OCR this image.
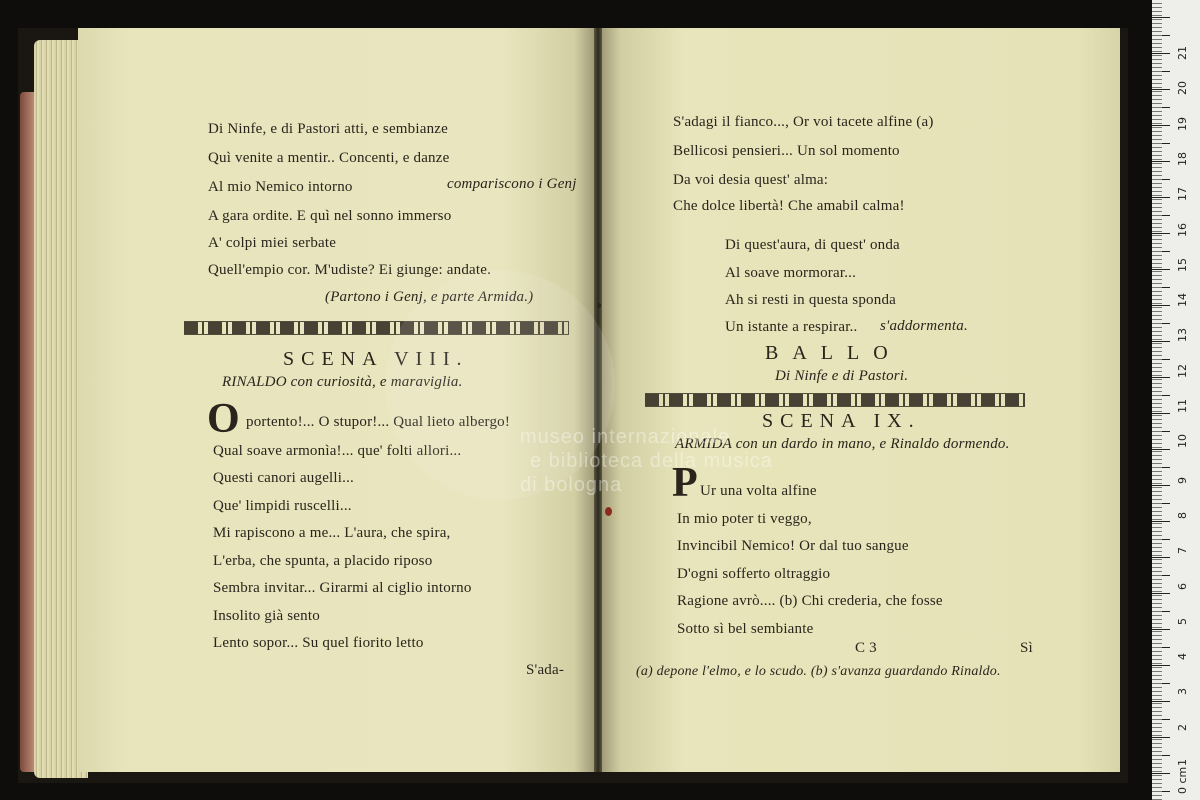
Di Ninfe, e di Pastori atti, e sembianze
Quì venite a mentir.. Concenti, e danze
Al mio Nemico intorno	compariscono i Genj
A gara ordite. E quì nel sonno immerso
A' colpi miei serbate
Quell'empio cor. M'udiste? Ei giunge: andate.
(Partono i Genj, e parte Armida.)
SCENA VIII.
RINALDO con curiosità, e maraviglia.
O portento!... O stupor!... Qual lieto albergo!
Qual soave armonìa!... que' folti allori...
Questi canori augelli...
Que' limpidi ruscelli...
Mi rapiscono a me... L'aura, che spira,
L'erba, che spunta, a placido riposo
Sembra invitar... Girarmi al ciglio intorno
Insolito già sento
Lento sopor... Su quel fiorito letto
S'ada-
S'adagi il fianco..., Or voi tacete alfine (a)
Bellicosi pensieri... Un sol momento
Da voi desia quest' alma:
Che dolce libertà! Che amabil calma!
Di quest'aura, di quest' onda
Al soave mormorar...
Ah si resti in questa sponda
Un istante a respirar.. s'addormenta.
BALLO
Di Ninfe e di Pastori.
SCENA IX.
ARMIDA con un dardo in mano, e Rinaldo dormendo.
P Ur una volta alfine
In mio poter ti veggo,
Invincibil Nemico! Or dal tuo sangue
D'ogni sofferto oltraggio
Ragione avrò.... (b) Chi crederia, che fosse
Sotto sì bel sembiante
C 3	Sì
(a) depone l'elmo, e lo scudo. (b) s'avanza guardando Rinaldo.
museo internazionale
e biblioteca della musica
di bologna
0 cm
1
2
3
4
5
6
7
8
9
10
11
12
13
14
15
16
17
18
19
20
21
